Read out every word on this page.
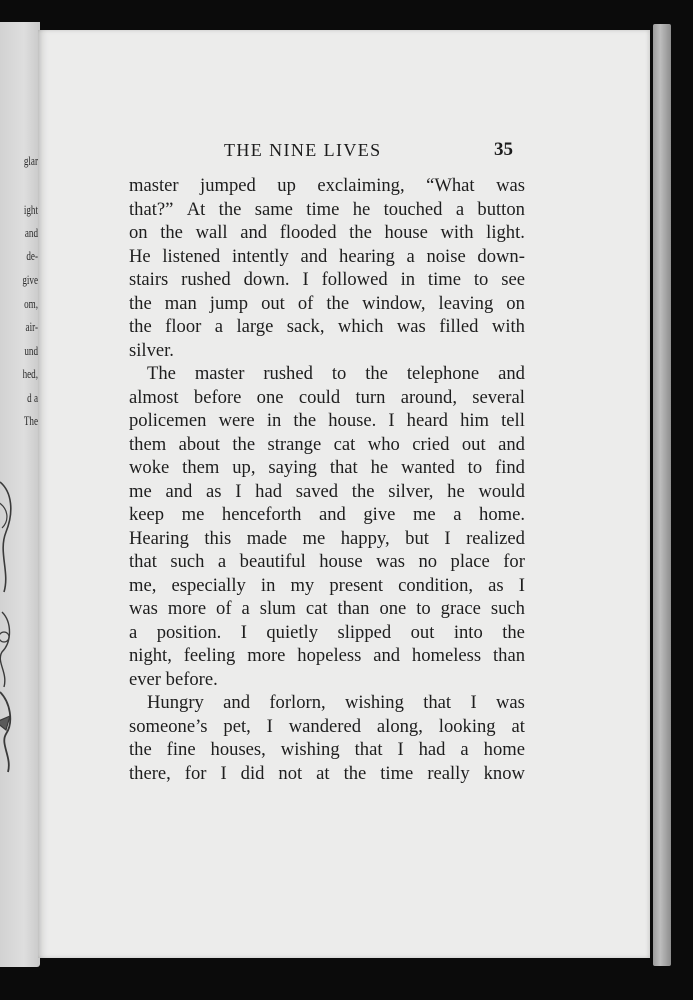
glar
ight
and
de-
give
om,
air-
und
hed,
d a
The
THE NINE LIVES	35
master jumped up exclaiming, “What was
that?” At the same time he touched a button
on the wall and flooded the house with light.
He listened intently and hearing a noise down-
stairs rushed down. I followed in time to see
the man jump out of the window, leaving on
the floor a large sack, which was filled with
silver.
The master rushed to the telephone and
almost before one could turn around, several
policemen were in the house. I heard him tell
them about the strange cat who cried out and
woke them up, saying that he wanted to find
me and as I had saved the silver, he would
keep me henceforth and give me a home.
Hearing this made me happy, but I realized
that such a beautiful house was no place for
me, especially in my present condition, as I
was more of a slum cat than one to grace such
a position. I quietly slipped out into the
night, feeling more hopeless and homeless than
ever before.
Hungry and forlorn, wishing that I was
someone’s pet, I wandered along, looking at
the fine houses, wishing that I had a home
there, for I did not at the time really know
